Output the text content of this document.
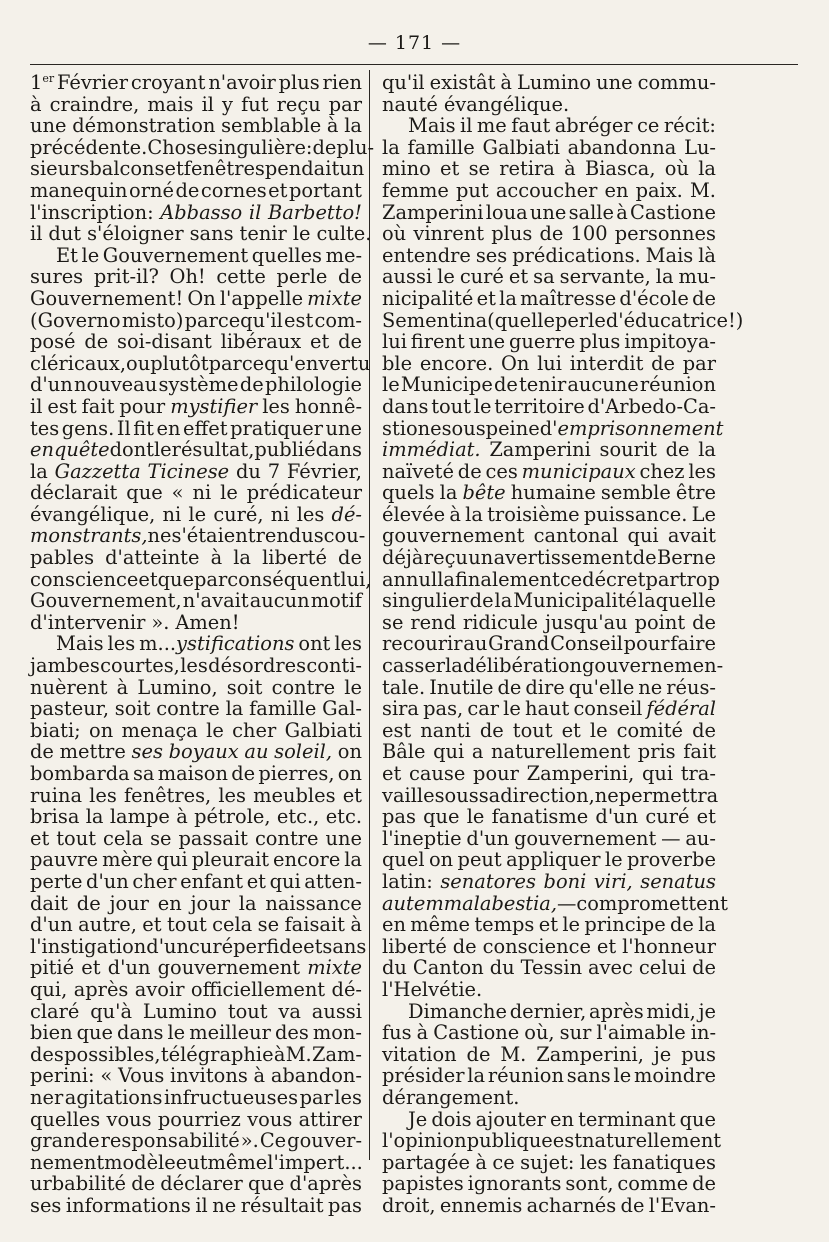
— 171 —
1er Février croyant n'avoir plus rien
à craindre, mais il y fut reçu par
une démonstration semblable à la
précédente. Chose singulière: de plu-
sieurs balcons et fenêtres pendait un
manequin orné de cornes et portant
l'inscription: Abbasso il Barbetto!
il dut s'éloigner sans tenir le culte.
Et le Gouvernement quelles me-
sures prit-il? Oh! cette perle de
Gouvernement! On l'appelle mixte
(Governo misto) parcequ'il est com-
posé de soi-disant libéraux et de
cléricaux, ou plutôt parcequ'en vertu
d'un nouveau système de philologie
il est fait pour mystifier les honnê-
tes gens. Il fit en effet pratiquer une
enquête dont le résultat, publié dans
la Gazzetta Ticinese du 7 Février,
déclarait que « ni le prédicateur
évangélique, ni le curé, ni les dé-
monstrants, ne s'étaient rendus cou-
pables d'atteinte à la liberté de
conscience et que parconséquent lui,
Gouvernement, n'avait aucun motif
d'intervenir ». Amen!
Mais les m...ystifications ont les
jambes courtes, les désordres conti-
nuèrent à Lumino, soit contre le
pasteur, soit contre la famille Gal-
biati; on menaça le cher Galbiati
de mettre ses boyaux au soleil, on
bombarda sa maison de pierres, on
ruina les fenêtres, les meubles et
brisa la lampe à pétrole, etc., etc.
et tout cela se passait contre une
pauvre mère qui pleurait encore la
perte d'un cher enfant et qui atten-
dait de jour en jour la naissance
d'un autre, et tout cela se faisait à
l'instigation d'un curé perfide et sans
pitié et d'un gouvernement mixte
qui, après avoir officiellement dé-
claré qu'à Lumino tout va aussi
bien que dans le meilleur des mon-
des possibles, télégraphie à M. Zam-
perini: « Vous invitons à abandon-
ner agitations infructueuses par les
quelles vous pourriez vous attirer
grande responsabilité ». Ce gouver-
nement modèle eut même l'impert...
urbabilité de déclarer que d'après
ses informations il ne résultait pas
qu'il existât à Lumino une commu-
nauté évangélique.
Mais il me faut abréger ce récit:
la famille Galbiati abandonna Lu-
mino et se retira à Biasca, où la
femme put accoucher en paix. M.
Zamperini loua une salle à Castione
où vinrent plus de 100 personnes
entendre ses prédications. Mais là
aussi le curé et sa servante, la mu-
nicipalité et la maîtresse d'école de
Sementina (quelle perle d'éducatrice!)
lui firent une guerre plus impitoya-
ble encore. On lui interdit de par
le Municipe de tenir aucune réunion
dans tout le territoire d'Arbedo-Ca-
stione sous peine d'emprisonnement
immédiat. Zamperini sourit de la
naïveté de ces municipaux chez les
quels la bête humaine semble être
élevée à la troisième puissance. Le
gouvernement cantonal qui avait
déjà reçu un avertissement de Berne
annulla finalement ce décret par trop
singulier de la Municipalité laquelle
se rend ridicule jusqu'au point de
recourir au Grand Conseil pour faire
casser la délibération gouvernemen-
tale. Inutile de dire qu'elle ne réus-
sira pas, car le haut conseil fédéral
est nanti de tout et le comité de
Bâle qui a naturellement pris fait
et cause pour Zamperini, qui tra-
vaille sous sa direction, ne permettra
pas que le fanatisme d'un curé et
l'ineptie d'un gouvernement — au-
quel on peut appliquer le proverbe
latin: senatores boni viri, senatus
autem mala bestia, — compromettent
en même temps et le principe de la
liberté de conscience et l'honneur
du Canton du Tessin avec celui de
l'Helvétie.
Dimanche dernier, après midi, je
fus à Castione où, sur l'aimable in-
vitation de M. Zamperini, je pus
présider la réunion sans le moindre
dérangement.
Je dois ajouter en terminant que
l'opinion publique est naturellement
partagée à ce sujet: les fanatiques
papistes ignorants sont, comme de
droit, ennemis acharnés de l'Evan-
